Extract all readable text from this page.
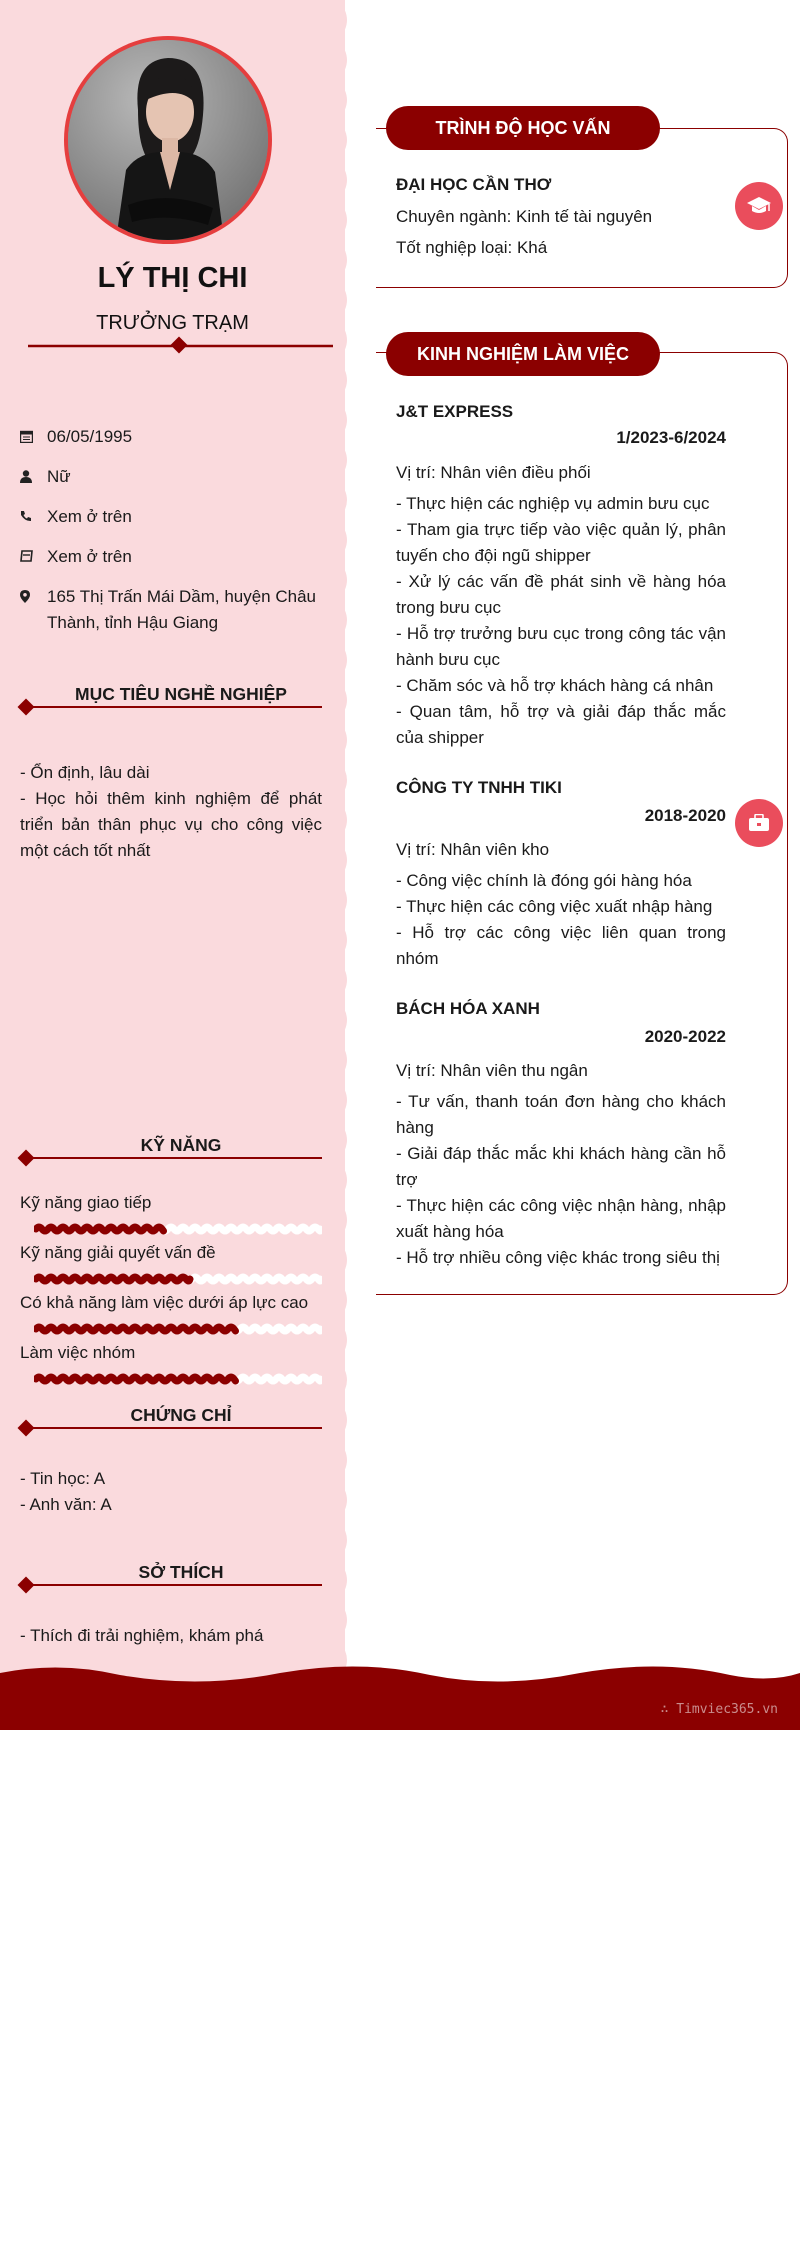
LÝ THỊ CHI
TRƯỞNG TRẠM
06/05/1995
Nữ
Xem ở trên
Xem ở trên
165 Thị Trấn Mái Dầm, huyện Châu Thành, tỉnh Hậu Giang
MỤC TIÊU NGHỀ NGHIỆP
- Ổn định, lâu dài
- Học hỏi thêm kinh nghiệm để phát triển bản thân phục vụ cho công việc một cách tốt nhất
KỸ NĂNG
Kỹ năng giao tiếp
Kỹ năng giải quyết vấn đề
Có khả năng làm việc dưới áp lực cao
Làm việc nhóm
CHỨNG CHỈ
- Tin học: A
- Anh văn: A
SỞ THÍCH
- Thích đi trải nghiệm, khám phá
TRÌNH ĐỘ HỌC VẤN
ĐẠI HỌC CẦN THƠ
Chuyên ngành: Kinh tế tài nguyên
Tốt nghiệp loại: Khá
KINH NGHIỆM LÀM VIỆC
J&T EXPRESS
1/2023-6/2024
Vị trí: Nhân viên điều phối
- Thực hiện các nghiệp vụ admin bưu cục
- Tham gia trực tiếp vào việc quản lý, phân tuyến cho đội ngũ shipper
- Xử lý các vấn đề phát sinh về hàng hóa trong bưu cục
- Hỗ trợ trưởng bưu cục trong công tác vận hành bưu cục
- Chăm sóc và hỗ trợ khách hàng cá nhân
- Quan tâm, hỗ trợ và giải đáp thắc mắc của shipper
CÔNG TY TNHH TIKI
2018-2020
Vị trí: Nhân viên kho
- Công việc chính là đóng gói hàng hóa
- Thực hiện các công việc xuất nhập hàng
- Hỗ trợ các công việc liên quan trong nhóm
BÁCH HÓA XANH
2020-2022
Vị trí: Nhân viên thu ngân
- Tư vấn, thanh toán đơn hàng cho khách hàng
- Giải đáp thắc mắc khi khách hàng cần hỗ trợ
- Thực hiện các công việc nhận hàng, nhập xuất hàng hóa
- Hỗ trợ nhiều công việc khác trong siêu thị
∴ Timviec365.vn
